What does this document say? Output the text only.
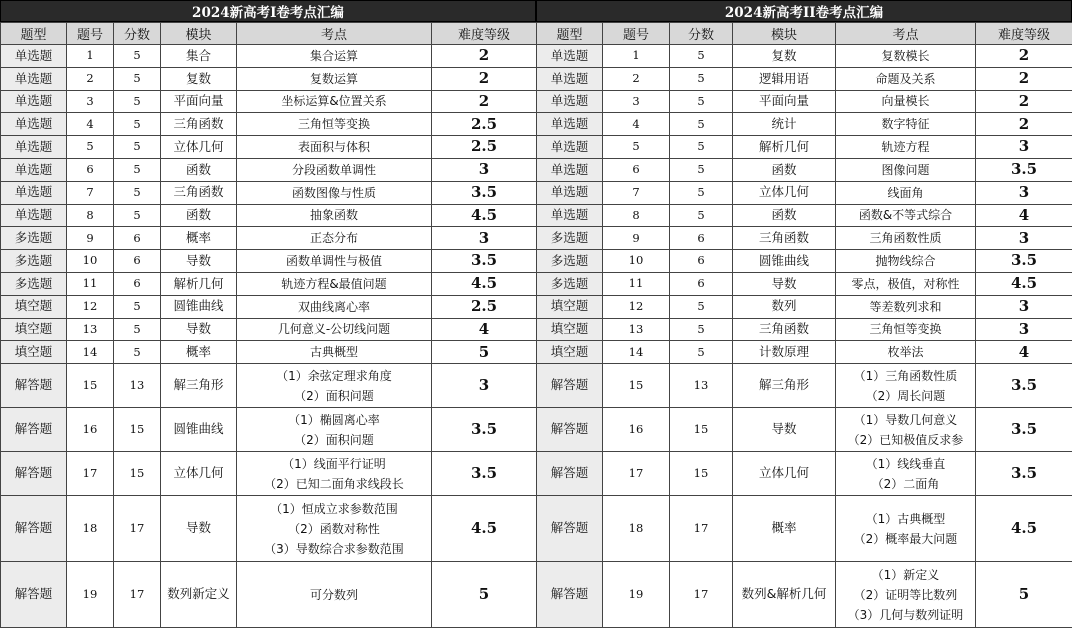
2024新高考I卷考点汇编
题型	题号	分数	模块	考点	难度等级
单选题	1	5	集合	集合运算	2
单选题	2	5	复数	复数运算	2
单选题	3	5	平面向量	坐标运算&位置关系	2
单选题	4	5	三角函数	三角恒等变换	2.5
单选题	5	5	立体几何	表面积与体积	2.5
单选题	6	5	函数	分段函数单调性	3
单选题	7	5	三角函数	函数图像与性质	3.5
单选题	8	5	函数	抽象函数	4.5
多选题	9	6	概率	正态分布	3
多选题	10	6	导数	函数单调性与极值	3.5
多选题	11	6	解析几何	轨迹方程&最值问题	4.5
填空题	12	5	圆锥曲线	双曲线离心率	2.5
填空题	13	5	导数	几何意义-公切线问题	4
填空题	14	5	概率	古典概型	5
解答题	15	13	解三角形	（1）余弦定理求角度
（2）面积问题	3
解答题	16	15	圆锥曲线	（1）椭圆离心率
（2）面积问题	3.5
解答题	17	15	立体几何	（1）线面平行证明
（2）已知二面角求线段长	3.5
解答题	18	17	导数	（1）恒成立求参数范围
（2）函数对称性
（3）导数综合求参数范围	4.5
解答题	19	17	数列新定义	可分数列	5
2024新高考II卷考点汇编
题型	题号	分数	模块	考点	难度等级
单选题	1	5	复数	复数模长	2
单选题	2	5	逻辑用语	命题及关系	2
单选题	3	5	平面向量	向量模长	2
单选题	4	5	统计	数字特征	2
单选题	5	5	解析几何	轨迹方程	3
单选题	6	5	函数	图像问题	3.5
单选题	7	5	立体几何	线面角	3
单选题	8	5	函数	函数&不等式综合	4
多选题	9	6	三角函数	三角函数性质	3
多选题	10	6	圆锥曲线	抛物线综合	3.5
多选题	11	6	导数	零点，极值，对称性	4.5
填空题	12	5	数列	等差数列求和	3
填空题	13	5	三角函数	三角恒等变换	3
填空题	14	5	计数原理	枚举法	4
解答题	15	13	解三角形	（1）三角函数性质
（2）周长问题	3.5
解答题	16	15	导数	（1）导数几何意义
（2）已知极值反求参	3.5
解答题	17	15	立体几何	（1）线线垂直
（2）二面角	3.5
解答题	18	17	概率	（1）古典概型
（2）概率最大问题	4.5
解答题	19	17	数列&解析几何	（1）新定义
（2）证明等比数列
（3）几何与数列证明	5
